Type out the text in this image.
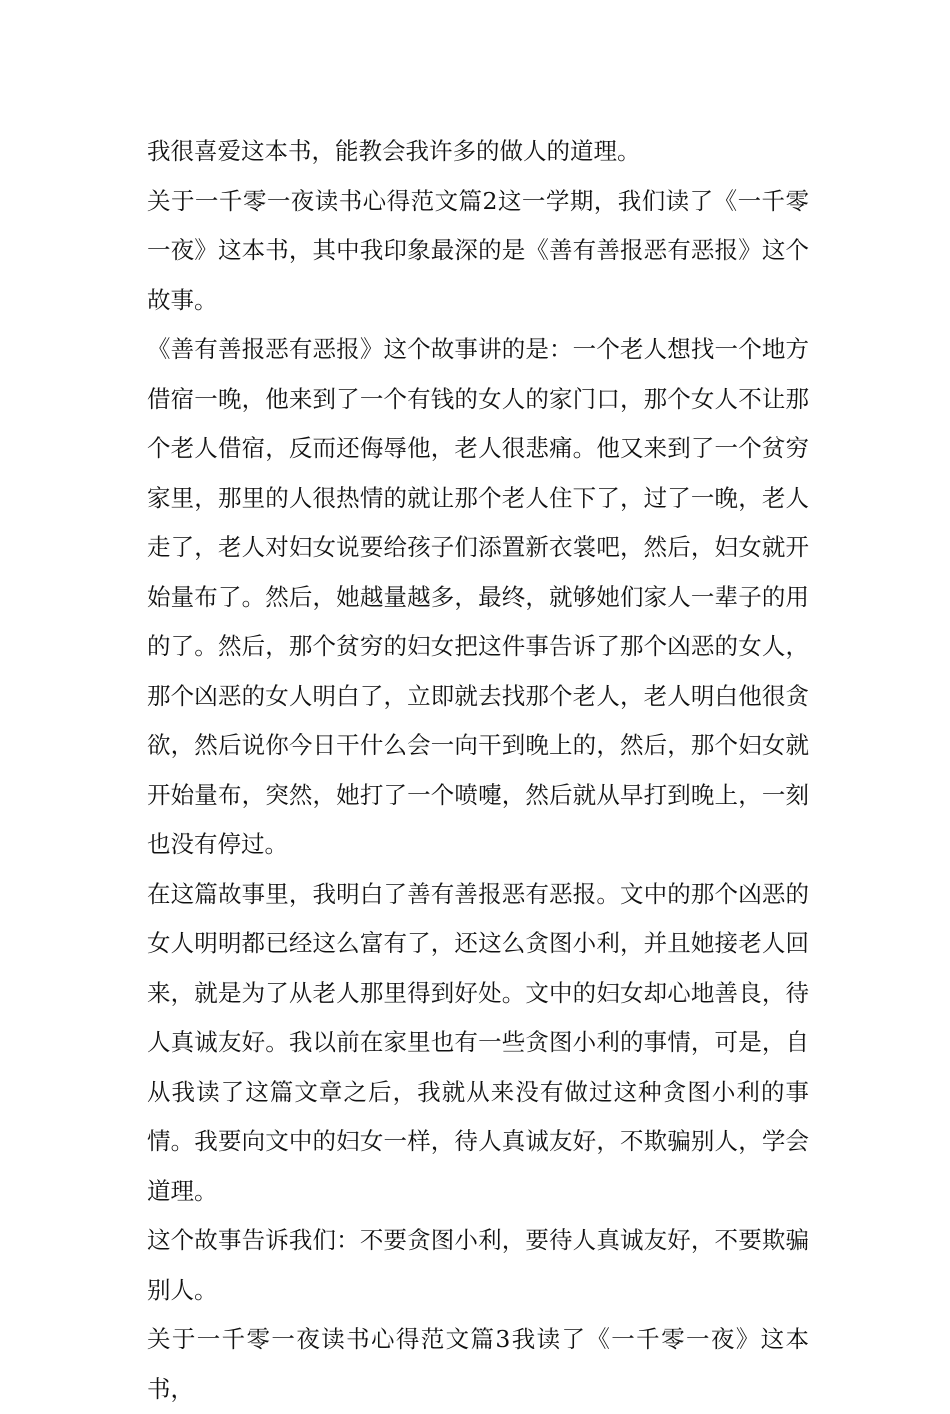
我很喜爱这本书，能教会我许多的做人的道理。

关于一千零一夜读书心得范文篇2这一学期，我们读了《一千零一夜》这本书，其中我印象最深的是《善有善报恶有恶报》这个故事。

《善有善报恶有恶报》这个故事讲的是：一个老人想找一个地方借宿一晚，他来到了一个有钱的女人的家门口，那个女人不让那个老人借宿，反而还侮辱他，老人很悲痛。他又来到了一个贫穷家里，那里的人很热情的就让那个老人住下了，过了一晚，老人走了，老人对妇女说要给孩子们添置新衣裳吧，然后，妇女就开始量布了。然后，她越量越多，最终，就够她们家人一辈子的用的了。然后，那个贫穷的妇女把这件事告诉了那个凶恶的女人，那个凶恶的女人明白了，立即就去找那个老人，老人明白他很贪欲，然后说你今日干什么会一向干到晚上的，然后，那个妇女就开始量布，突然，她打了一个喷嚏，然后就从早打到晚上，一刻也没有停过。

在这篇故事里，我明白了善有善报恶有恶报。文中的那个凶恶的女人明明都已经这么富有了，还这么贪图小利，并且她接老人回来，就是为了从老人那里得到好处。文中的妇女却心地善良，待人真诚友好。我以前在家里也有一些贪图小利的事情，可是，自从我读了这篇文章之后，我就从来没有做过这种贪图小利的事情。我要向文中的妇女一样，待人真诚友好，不欺骗别人，学会道理。

这个故事告诉我们：不要贪图小利，要待人真诚友好，不要欺骗别人。

关于一千零一夜读书心得范文篇3我读了《一千零一夜》这本书，
